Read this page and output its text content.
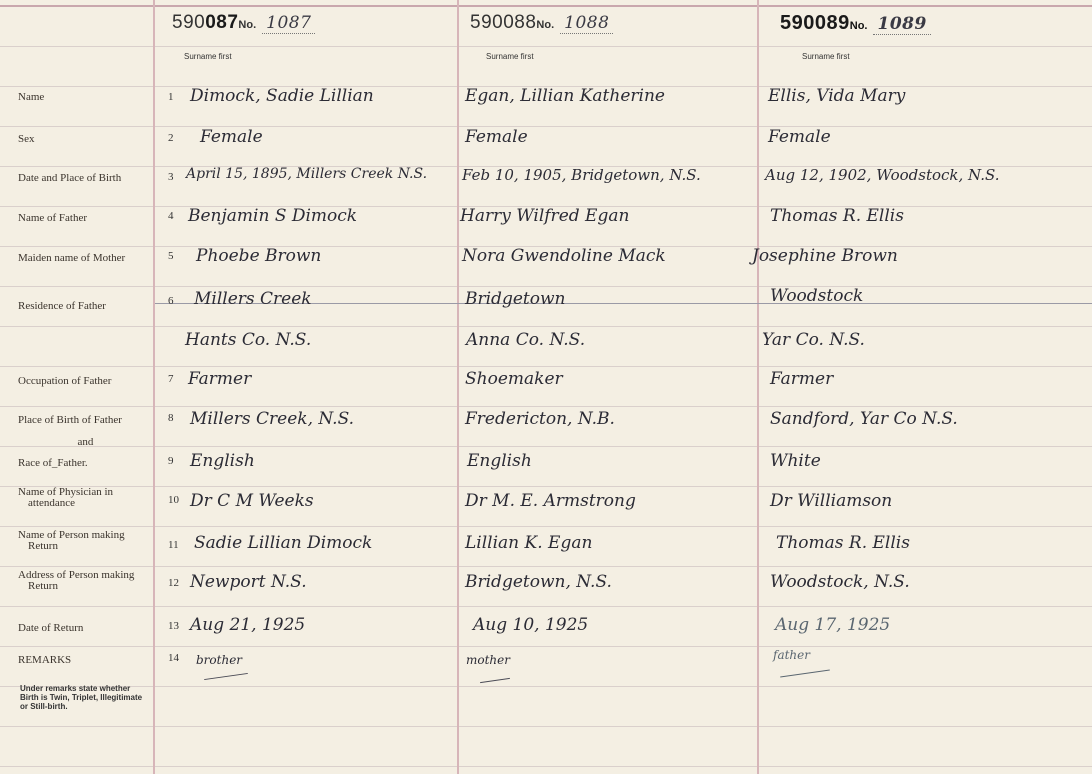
Name
Sex
Date and Place of Birth
Name of Father
Maiden name of Mother
Residence of Father
Occupation of Father
Place of Birth of Father
and
Race of_Father.
Name of Physician in
attendance
Name of Person making
Return
Address of Person making
Return
Date of Return
REMARKS
Under remarks state whether Birth is Twin, Triplet, Illegitimate or Still-birth.
1
2
3
4
5
6
7
8
9
10
11
12
13
14
590087No. 1087
Surname first
Dimock, Sadie Lillian
Female
April 15, 1895, Millers Creek N.S.
Benjamin S Dimock
Phoebe Brown
Millers Creek
Hants Co. N.S.
Farmer
Millers Creek, N.S.
English
Dr C M Weeks
Sadie Lillian Dimock
Newport N.S.
Aug 21, 1925
brother
590088No. 1088
Surname first
Egan, Lillian Katherine
Female
Feb 10, 1905, Bridgetown, N.S.
Harry Wilfred Egan
Nora Gwendoline Mack
Bridgetown
Anna Co. N.S.
Shoemaker
Fredericton, N.B.
English
Dr M. E. Armstrong
Lillian K. Egan
Bridgetown, N.S.
Aug 10, 1925
mother
590089No. 1089
Surname first
Ellis, Vida Mary
Female
Aug 12, 1902, Woodstock, N.S.
Thomas R. Ellis
Josephine Brown
Woodstock
Yar Co. N.S.
Farmer
Sandford, Yar Co N.S.
White
Dr Williamson
Thomas R. Ellis
Woodstock, N.S.
Aug 17, 1925
father
